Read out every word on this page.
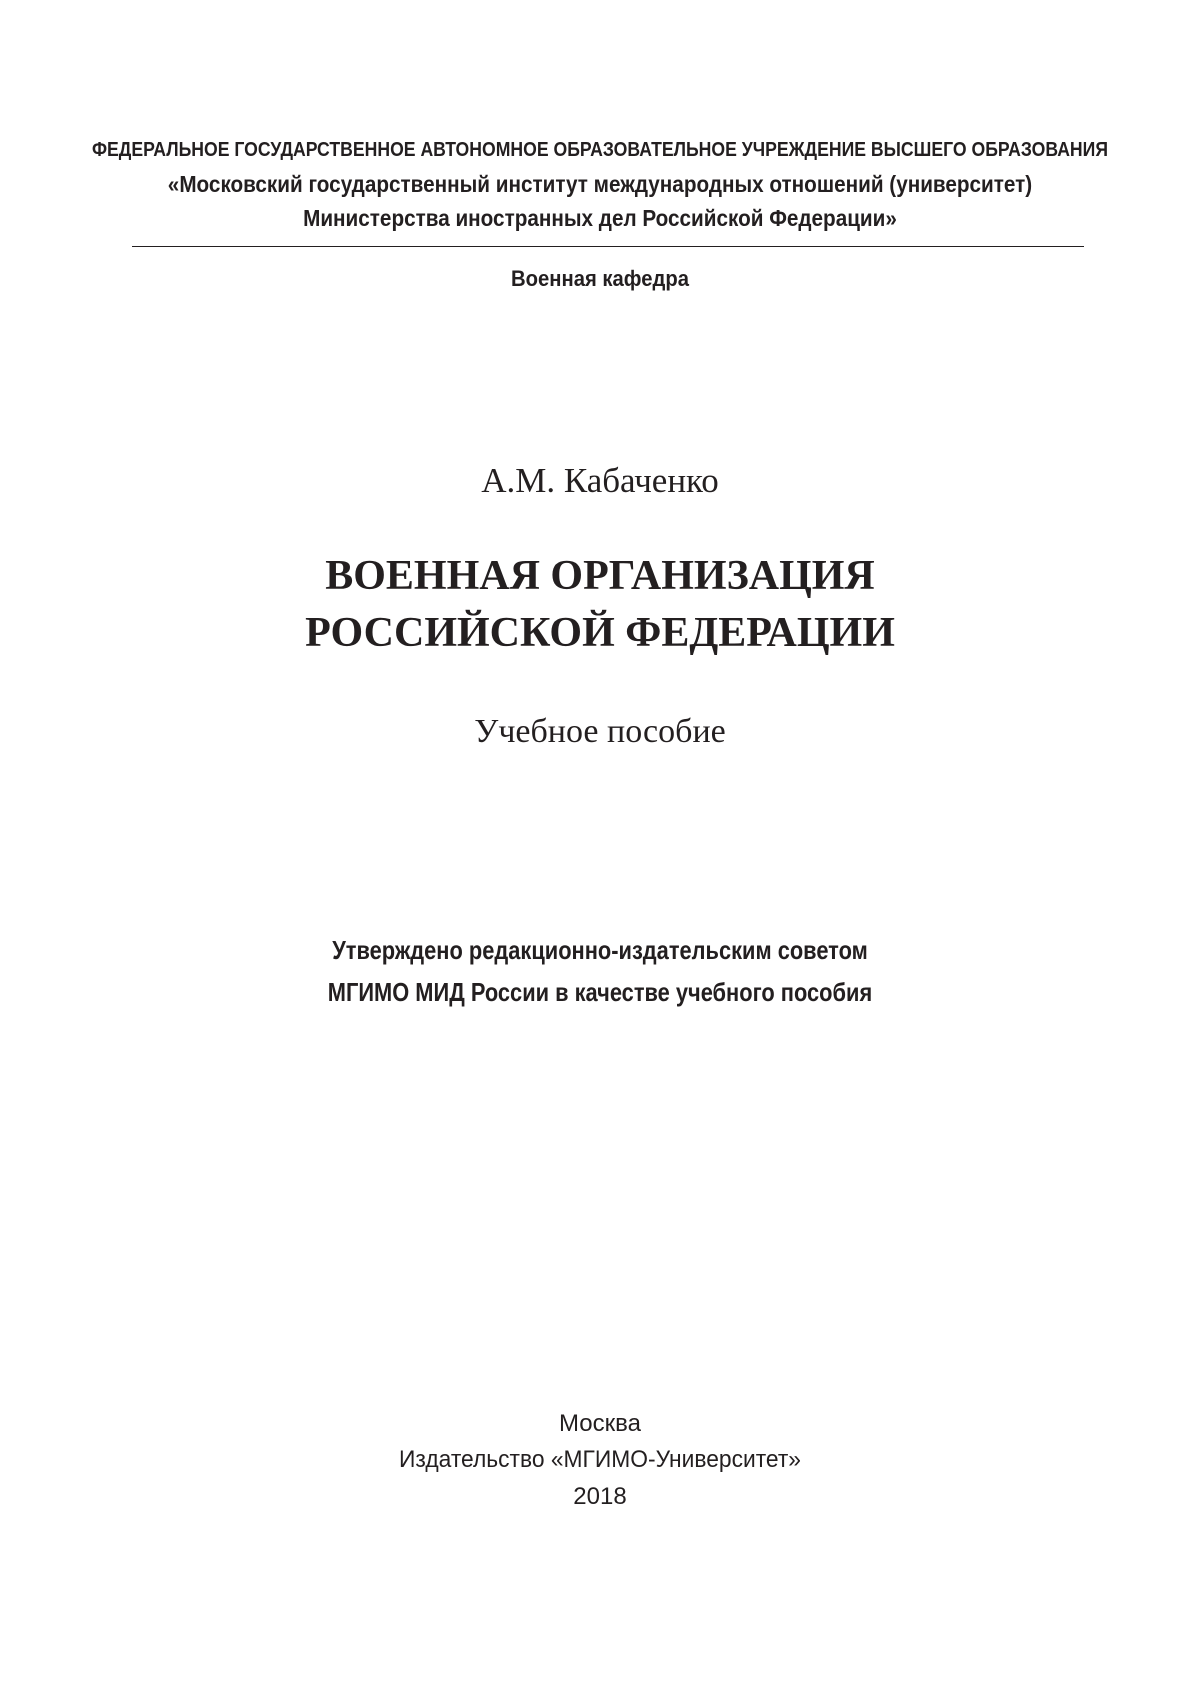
ФЕДЕРАЛЬНОЕ ГОСУДАРСТВЕННОЕ АВТОНОМНОЕ ОБРАЗОВАТЕЛЬНОЕ УЧРЕЖДЕНИЕ ВЫСШЕГО ОБРАЗОВАНИЯ
«Московский государственный институт международных отношений (университет)
Министерства иностранных дел Российской Федерации»
Военная кафедра
А.М. Кабаченко
ВОЕННАЯ ОРГАНИЗАЦИЯ
РОССИЙСКОЙ ФЕДЕРАЦИИ
Учебное пособие
Утверждено редакционно-издательским советом
МГИМО МИД России в качестве учебного пособия
Москва
Издательство «МГИМО-Университет»
2018
